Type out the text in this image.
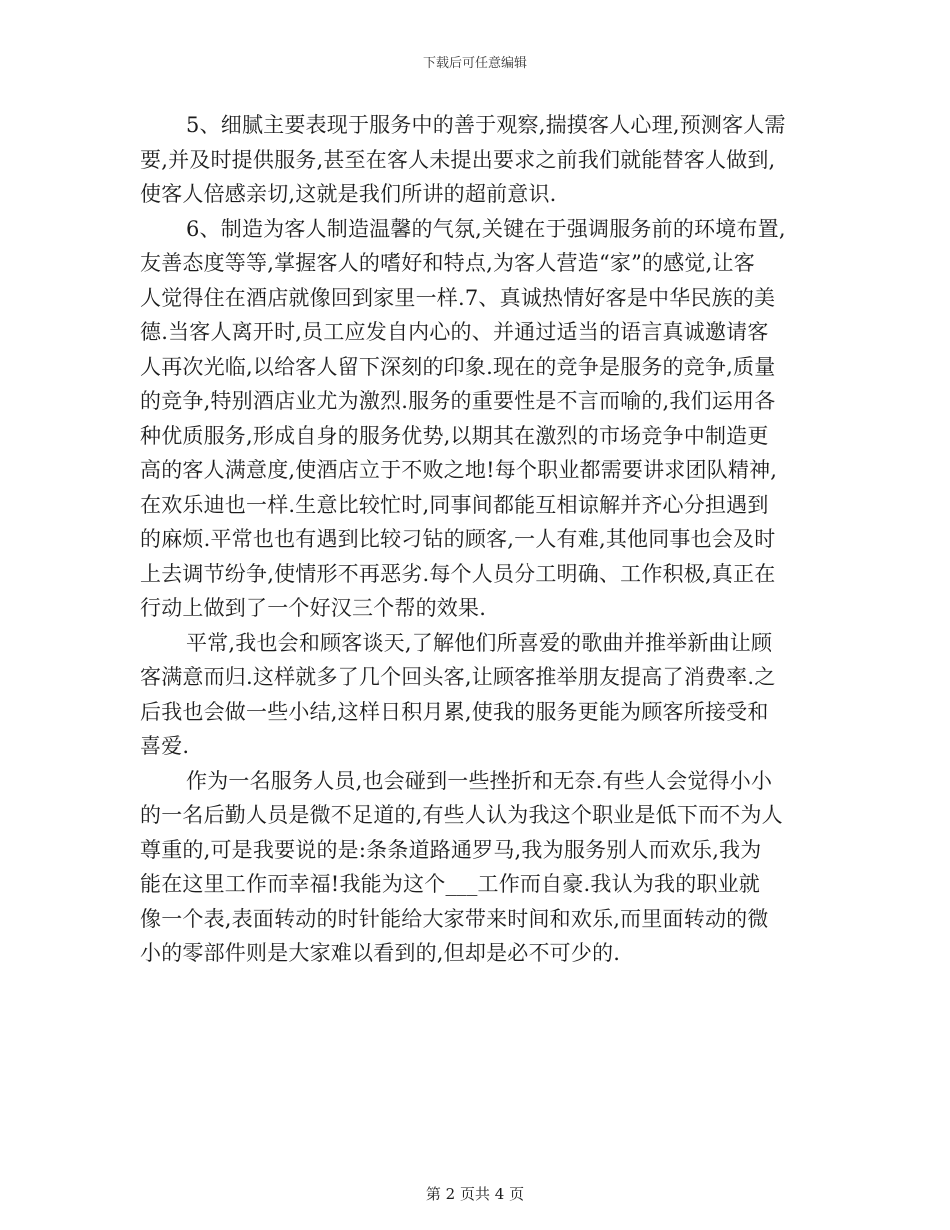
下载后可任意编辑

5、细腻主要表现于服务中的善于观察,揣摸客人心理,预测客人需
要,并及时提供服务,甚至在客人未提出要求之前我们就能替客人做到,
使客人倍感亲切,这就是我们所讲的超前意识.

6、制造为客人制造温馨的气氛,关键在于强调服务前的环境布置,
友善态度等等,掌握客人的嗜好和特点,为客人营造“家”的感觉,让客
人觉得住在酒店就像回到家里一样.7、真诚热情好客是中华民族的美
德.当客人离开时,员工应发自内心的、并通过适当的语言真诚邀请客
人再次光临,以给客人留下深刻的印象.现在的竞争是服务的竞争,质量
的竞争,特别酒店业尤为激烈.服务的重要性是不言而喻的,我们运用各
种优质服务,形成自身的服务优势,以期其在激烈的市场竞争中制造更
高的客人满意度,使酒店立于不败之地!每个职业都需要讲求团队精神,
在欢乐迪也一样.生意比较忙时,同事间都能互相谅解并齐心分担遇到
的麻烦.平常也也有遇到比较刁钻的顾客,一人有难,其他同事也会及时
上去调节纷争,使情形不再恶劣.每个人员分工明确、工作积极,真正在
行动上做到了一个好汉三个帮的效果.

平常,我也会和顾客谈天,了解他们所喜爱的歌曲并推举新曲让顾
客满意而归.这样就多了几个回头客,让顾客推举朋友提高了消费率.之
后我也会做一些小结,这样日积月累,使我的服务更能为顾客所接受和
喜爱.

作为一名服务人员,也会碰到一些挫折和无奈.有些人会觉得小小
的一名后勤人员是微不足道的,有些人认为我这个职业是低下而不为人
尊重的,可是我要说的是:条条道路通罗马,我为服务别人而欢乐,我为
能在这里工作而幸福!我能为这个___工作而自豪.我认为我的职业就
像一个表,表面转动的时针能给大家带来时间和欢乐,而里面转动的微
小的零部件则是大家难以看到的,但却是必不可少的.

第 2 页共 4 页
